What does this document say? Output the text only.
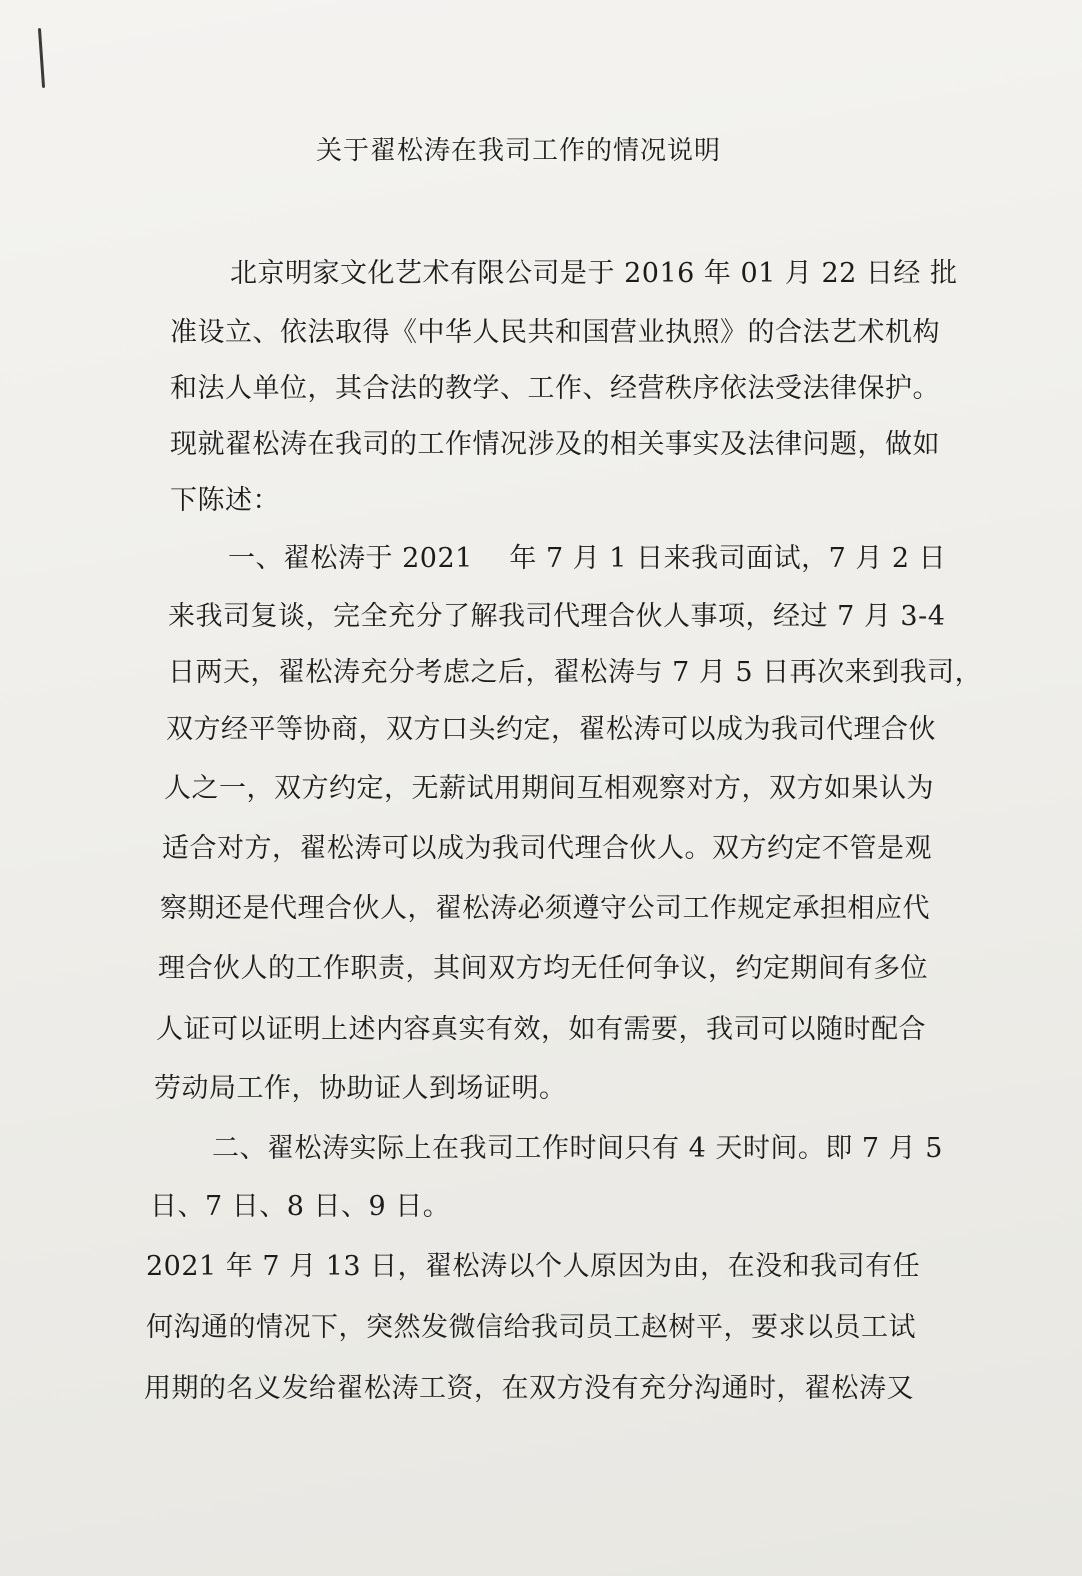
关于翟松涛在我司工作的情况说明
北京明家文化艺术有限公司是于 2016 年 01 月 22 日经 批
准设立、依法取得《中华人民共和国营业执照》的合法艺术机构
和法人单位，其合法的教学、工作、经营秩序依法受法律保护。
现就翟松涛在我司的工作情况涉及的相关事实及法律问题，做如
下陈述：
一、翟松涛于 2021　 年 7 月 1 日来我司面试，7 月 2 日
来我司复谈，完全充分了解我司代理合伙人事项，经过 7 月 3-4
日两天，翟松涛充分考虑之后，翟松涛与 7 月 5 日再次来到我司，
双方经平等协商，双方口头约定，翟松涛可以成为我司代理合伙
人之一，双方约定，无薪试用期间互相观察对方，双方如果认为
适合对方，翟松涛可以成为我司代理合伙人。双方约定不管是观
察期还是代理合伙人，翟松涛必须遵守公司工作规定承担相应代
理合伙人的工作职责，其间双方均无任何争议，约定期间有多位
人证可以证明上述内容真实有效，如有需要，我司可以随时配合
劳动局工作，协助证人到场证明。
二、翟松涛实际上在我司工作时间只有 4 天时间。即 7 月 5
日、7 日、8 日、9 日。
2021 年 7 月 13 日，翟松涛以个人原因为由，在没和我司有任
何沟通的情况下，突然发微信给我司员工赵树平，要求以员工试
用期的名义发给翟松涛工资，在双方没有充分沟通时，翟松涛又
